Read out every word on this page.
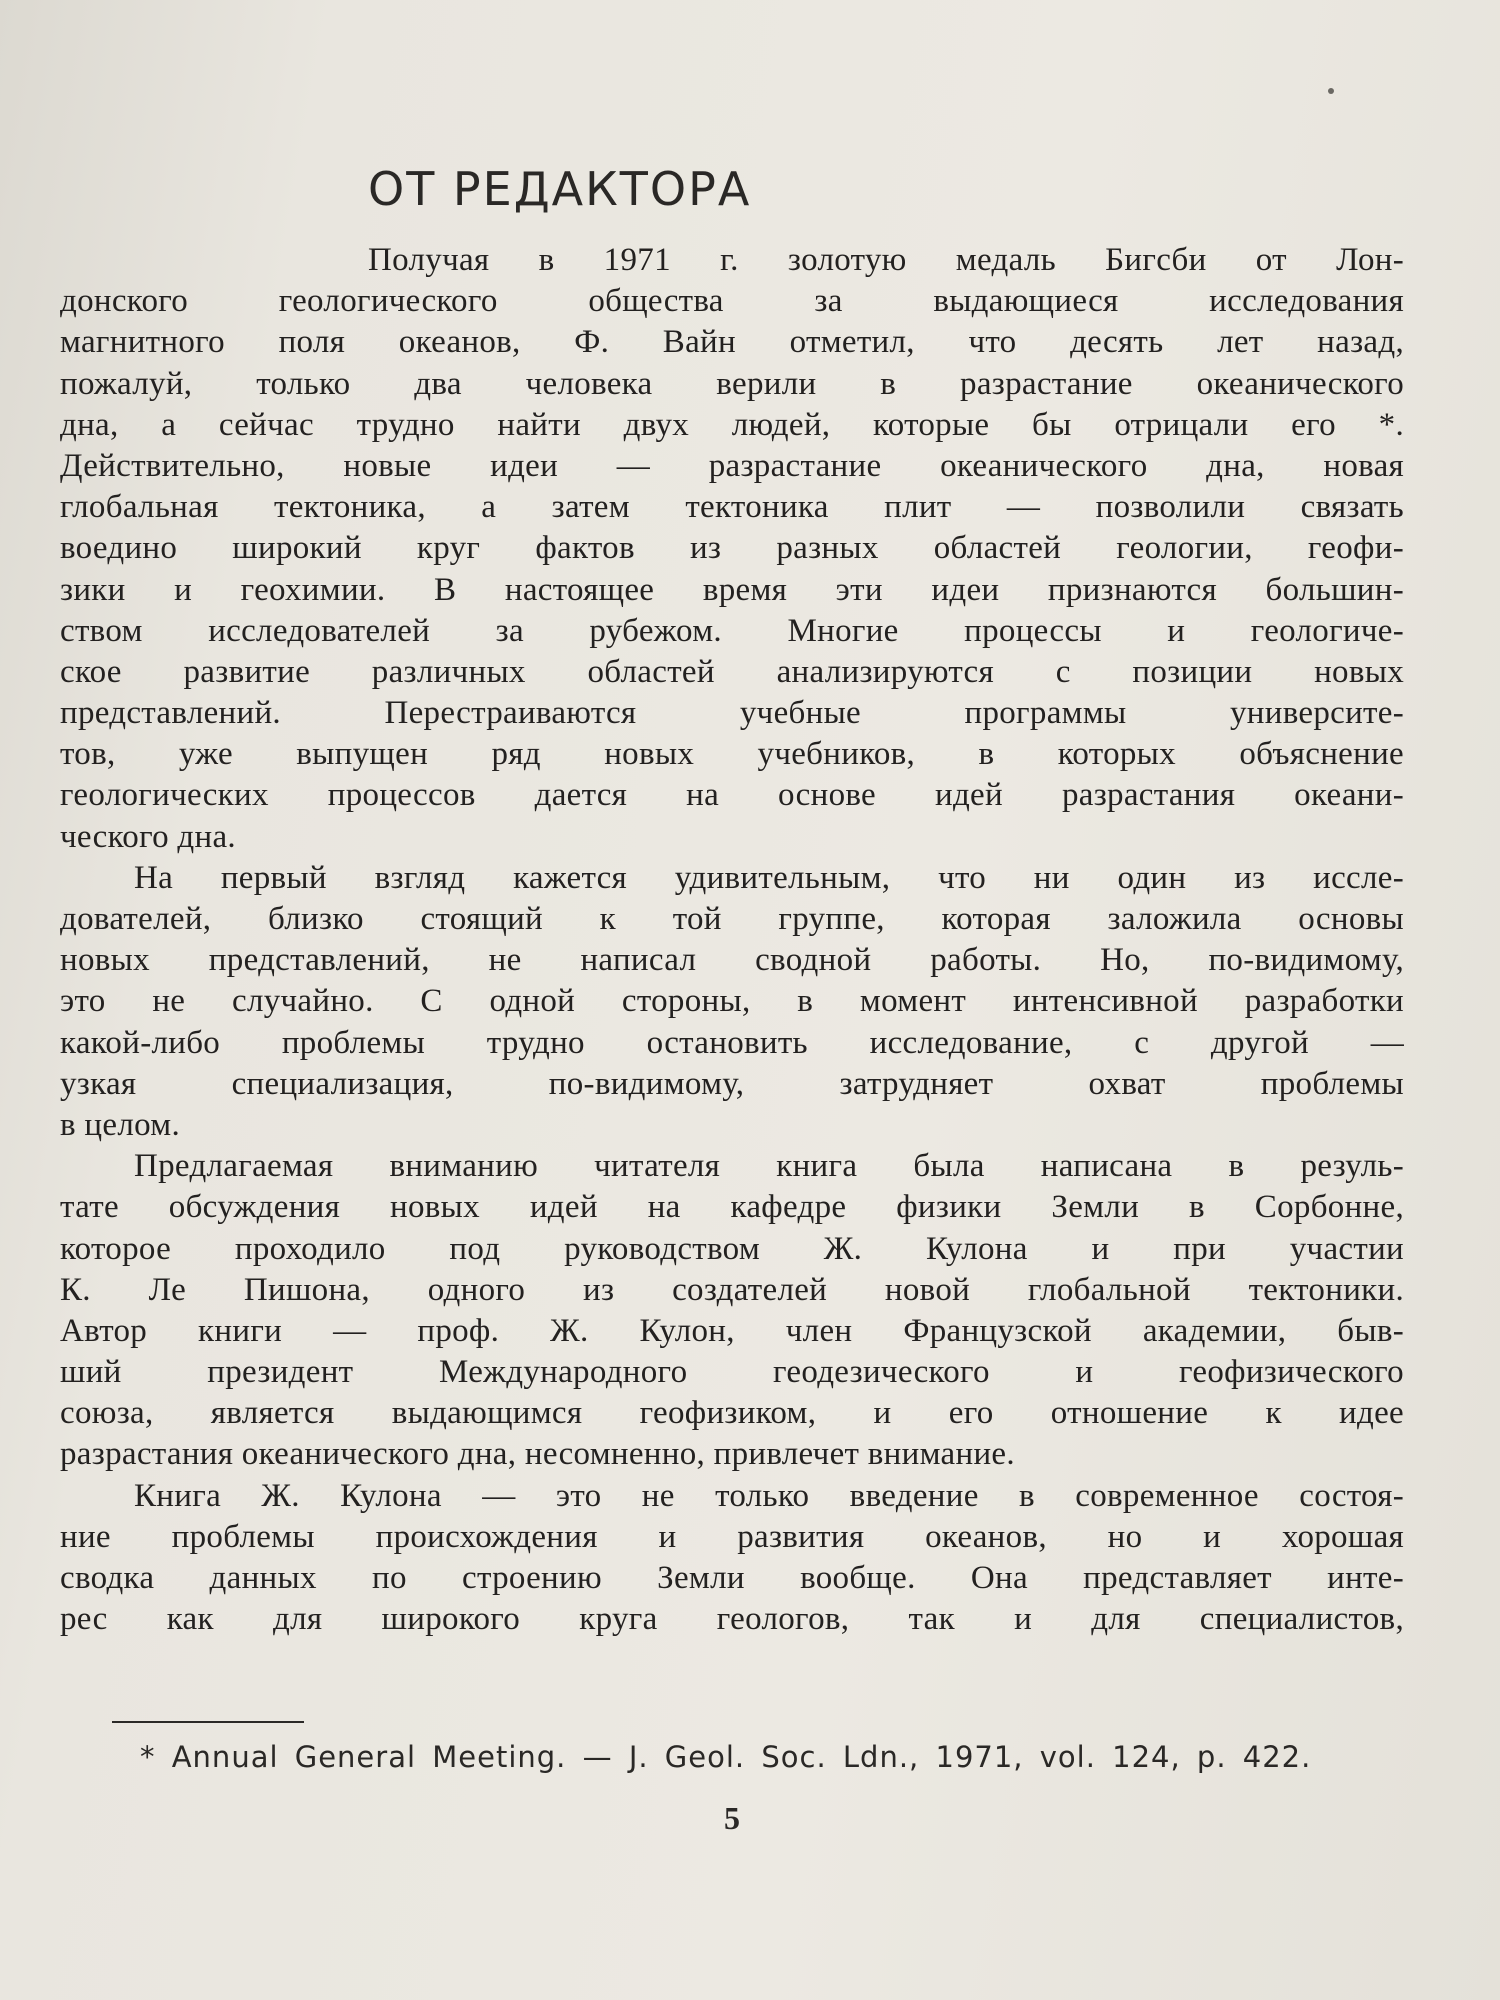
ОТ РЕДАКТОРА
Получая в 1971 г. золотую медаль Бигсби от Лон-
донского геологического общества за выдающиеся исследования
магнитного поля океанов, Ф. Вайн отметил, что десять лет назад,
пожалуй, только два человека верили в разрастание океанического
дна, а сейчас трудно найти двух людей, которые бы отрицали его *.
Действительно, новые идеи — разрастание океанического дна, новая
глобальная тектоника, а затем тектоника плит — позволили связать
воедино широкий круг фактов из разных областей геологии, геофи-
зики и геохимии. В настоящее время эти идеи признаются большин-
ством исследователей за рубежом. Многие процессы и геологиче-
ское развитие различных областей анализируются с позиции новых
представлений. Перестраиваются учебные программы университе-
тов, уже выпущен ряд новых учебников, в которых объяснение
геологических процессов дается на основе идей разрастания океани-
ческого дна.
На первый взгляд кажется удивительным, что ни один из иссле-
дователей, близко стоящий к той группе, которая заложила основы
новых представлений, не написал сводной работы. Но, по-видимому,
это не случайно. С одной стороны, в момент интенсивной разработки
какой-либо проблемы трудно остановить исследование, с другой —
узкая специализация, по-видимому, затрудняет охват проблемы
в целом.
Предлагаемая вниманию читателя книга была написана в резуль-
тате обсуждения новых идей на кафедре физики Земли в Сорбонне,
которое проходило под руководством Ж. Кулона и при участии
К. Ле Пишона, одного из создателей новой глобальной тектоники.
Автор книги — проф. Ж. Кулон, член Французской академии, быв-
ший президент Международного геодезического и геофизического
союза, является выдающимся геофизиком, и его отношение к идее
разрастания океанического дна, несомненно, привлечет внимание.
Книга Ж. Кулона — это не только введение в современное состоя-
ние проблемы происхождения и развития океанов, но и хорошая
сводка данных по строению Земли вообще. Она представляет инте-
рес как для широкого круга геологов, так и для специалистов,

* Annual General Meeting. — J. Geol. Soc. Ldn., 1971, vol. 124, p. 422.

5
